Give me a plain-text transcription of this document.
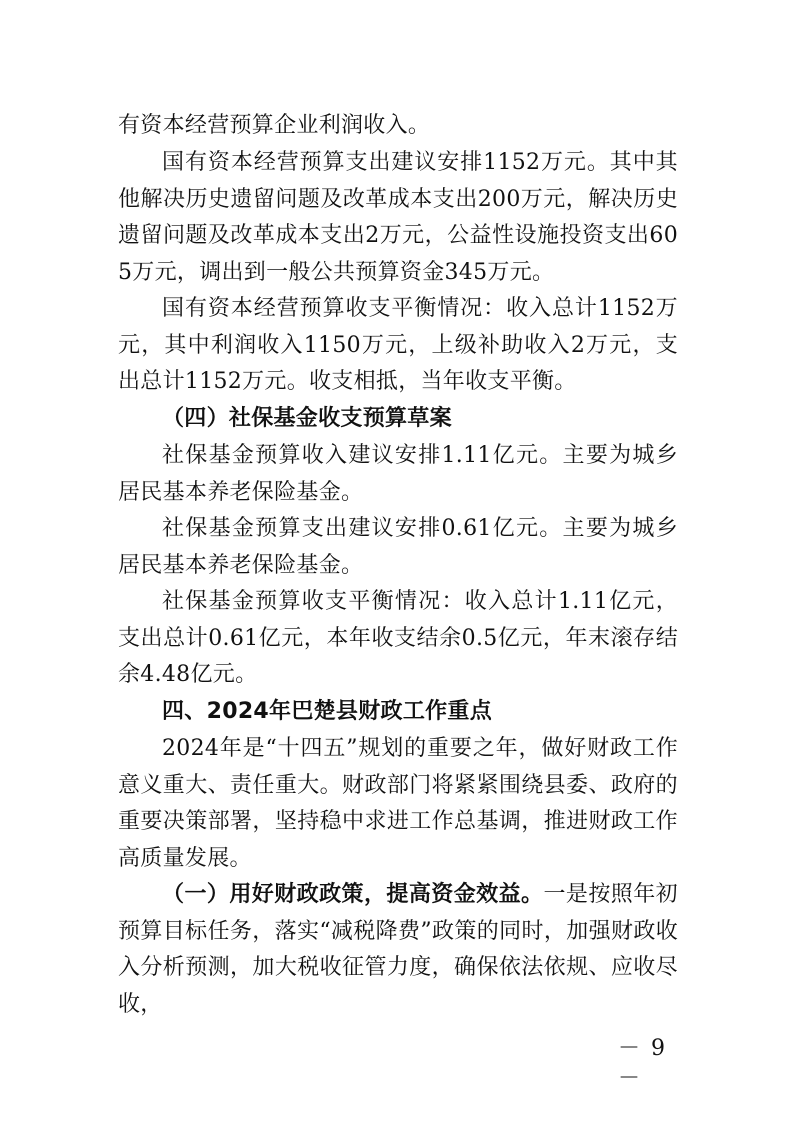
有资本经营预算企业利润收入。

国有资本经营预算支出建议安排1152万元。其中其他解决历史遗留问题及改革成本支出200万元，解决历史遗留问题及改革成本支出2万元，公益性设施投资支出605万元，调出到一般公共预算资金345万元。

国有资本经营预算收支平衡情况：收入总计1152万元，其中利润收入1150万元，上级补助收入2万元，支出总计1152万元。收支相抵，当年收支平衡。

（四）社保基金收支预算草案

社保基金预算收入建议安排1.11亿元。主要为城乡居民基本养老保险基金。

社保基金预算支出建议安排0.61亿元。主要为城乡居民基本养老保险基金。

社保基金预算收支平衡情况：收入总计1.11亿元，支出总计0.61亿元，本年收支结余0.5亿元，年末滚存结余4.48亿元。

四、2024年巴楚县财政工作重点

2024年是“十四五”规划的重要之年，做好财政工作意义重大、责任重大。财政部门将紧紧围绕县委、政府的重要决策部署，坚持稳中求进工作总基调，推进财政工作高质量发展。

（一）用好财政政策，提高资金效益。一是按照年初预算目标任务，落实“减税降费”政策的同时，加强财政收入分析预测，加大税收征管力度，确保依法依规、应收尽收，

－ 9 －
